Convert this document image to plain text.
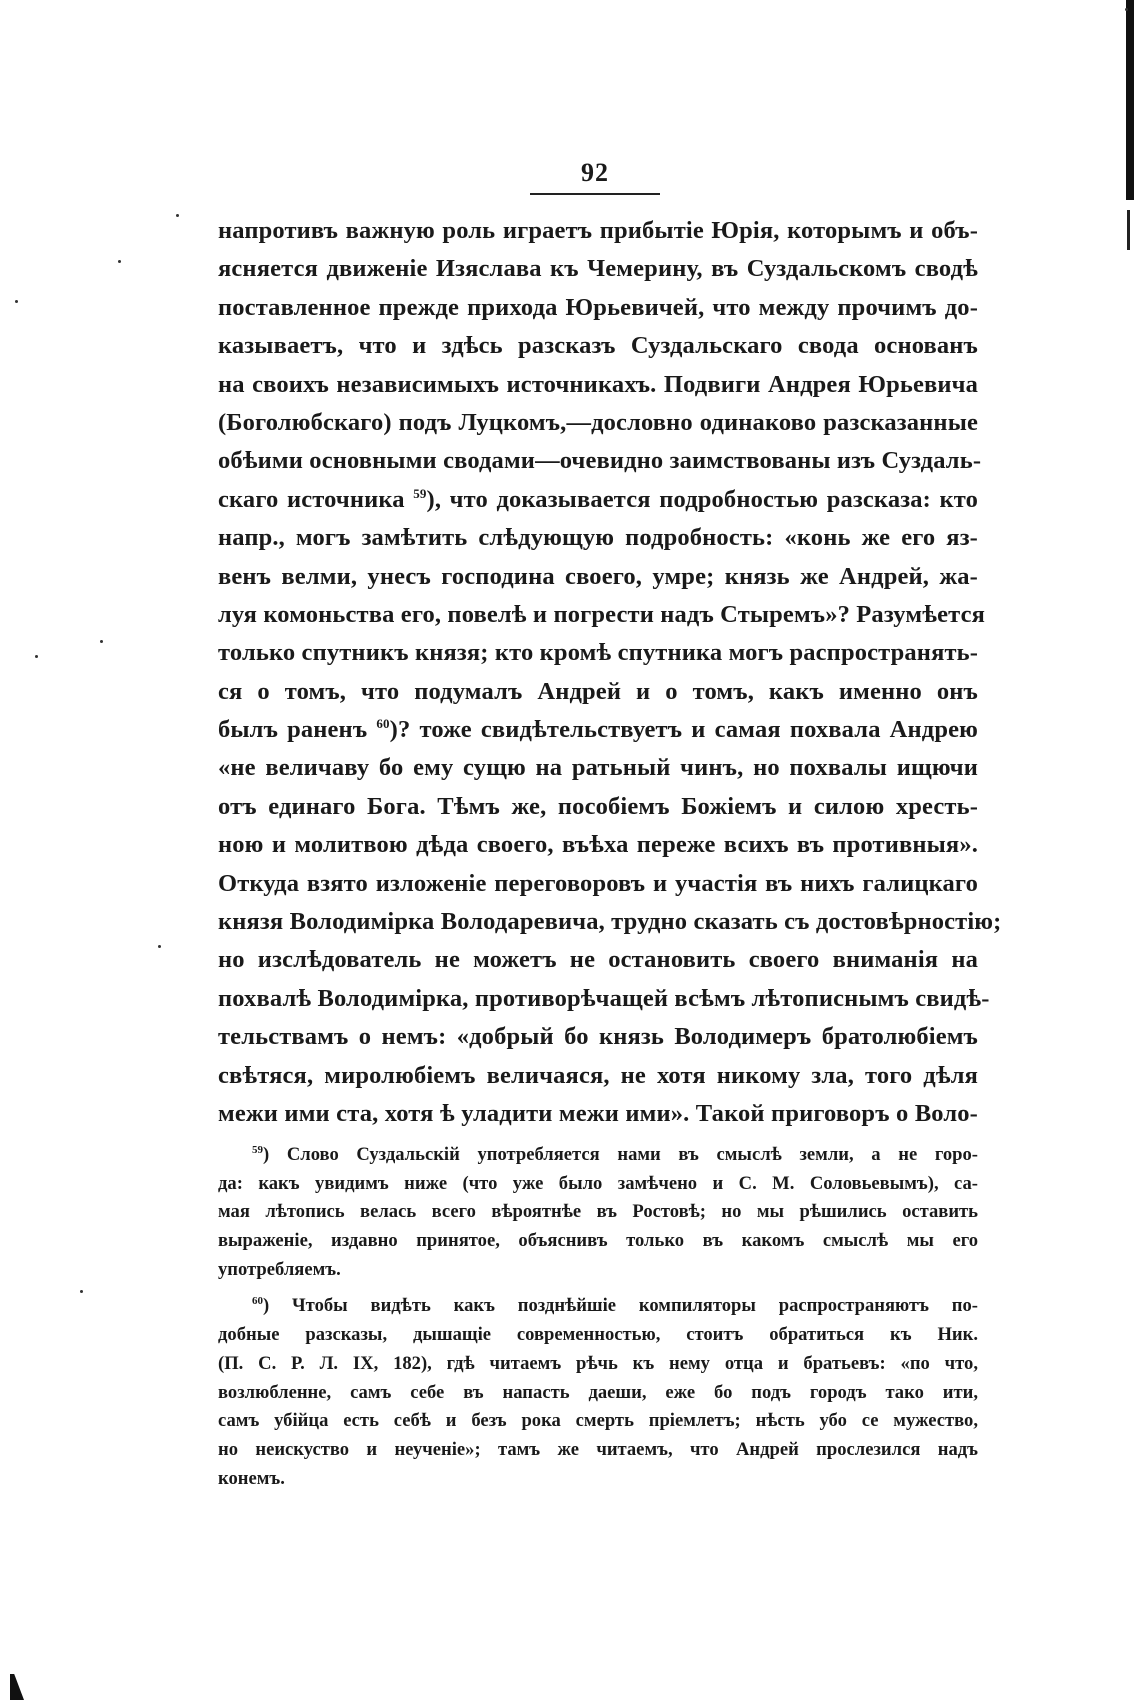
92
напротивъ важную роль играетъ прибытіе Юрія, которымъ и объ-
ясняется движеніе Изяслава къ Чемерину, въ Суздальскомъ сводѣ
поставленное прежде прихода Юрьевичей, что между прочимъ до-
казываетъ, что и здѣсь разсказъ Суздальскаго свода основанъ
на своихъ независимыхъ источникахъ. Подвиги Андрея Юрьевича
(Боголюбскаго) подъ Луцкомъ,—дословно одинаково разсказанные
обѣими основными сводами—очевидно заимствованы изъ Суздаль-
скаго источника $^{59}$), что доказывается подробностью разсказа: кто
напр., могъ замѣтить слѣдующую подробность: «конь же его яз-
венъ велми, унесъ господина своего, умре; князь же Андрей, жа-
луя комоньства его, повелѣ и погрести надъ Стыремъ»? Разумѣется
только спутникъ князя; кто кромѣ спутника могъ распространять-
ся о томъ, что подумалъ Андрей и о томъ, какъ именно онъ
былъ раненъ $^{60}$)? тоже свидѣтельствуетъ и самая похвала Андрею
«не величаву бо ему сущю на ратьный чинъ, но похвалы ищючи
отъ единаго Бога. Тѣмъ же, пособіемъ Божіемъ и силою хресть-
ною и молитвою дѣда своего, въѣха переже всихъ въ противныя».
Откуда взято изложеніе переговоровъ и участія въ нихъ галицкаго
князя Володимірка Володаревича, трудно сказать съ достовѣрностію;
но изслѣдователь не можетъ не остановить своего вниманія на
похвалѣ Володимірка, противорѣчащей всѣмъ лѣтописнымъ свидѣ-
тельствамъ о немъ: «добрый бо князь Володимеръ братолюбіемъ
свѣтяся, миролюбіемъ величаяся, не хотя никому зла, того дѣля
межи ими ста, хотя ѣ уладити межи ими». Такой приговоръ о Воло-
$^{59}$) Слово Суздальскій употребляется нами въ смыслѣ земли, а не горо-
да: какъ увидимъ ниже (что уже было замѣчено и С. М. Соловьевымъ), са-
мая лѣтопись велась всего вѣроятнѣе въ Ростовѣ; но мы рѣшились оставить
выраженіе, издавно принятое, объяснивъ только въ какомъ смыслѣ мы его
употребляемъ.
$^{60}$) Чтобы видѣть какъ позднѣйшіе компиляторы распространяютъ по-
добные разсказы, дышащіе современностью, стоитъ обратиться къ Ник.
(П. С. Р. Л. IX, 182), гдѣ читаемъ рѣчь къ нему отца и братьевъ: «по что,
возлюбленне, самъ себе въ напасть даеши, еже бо подъ городъ тако ити,
самъ убійца есть себѣ и безъ рока смерть пріемлетъ; нѣсть убо се мужество,
но неискуство и неученіе»; тамъ же читаемъ, что Андрей прослезился надъ
конемъ.
